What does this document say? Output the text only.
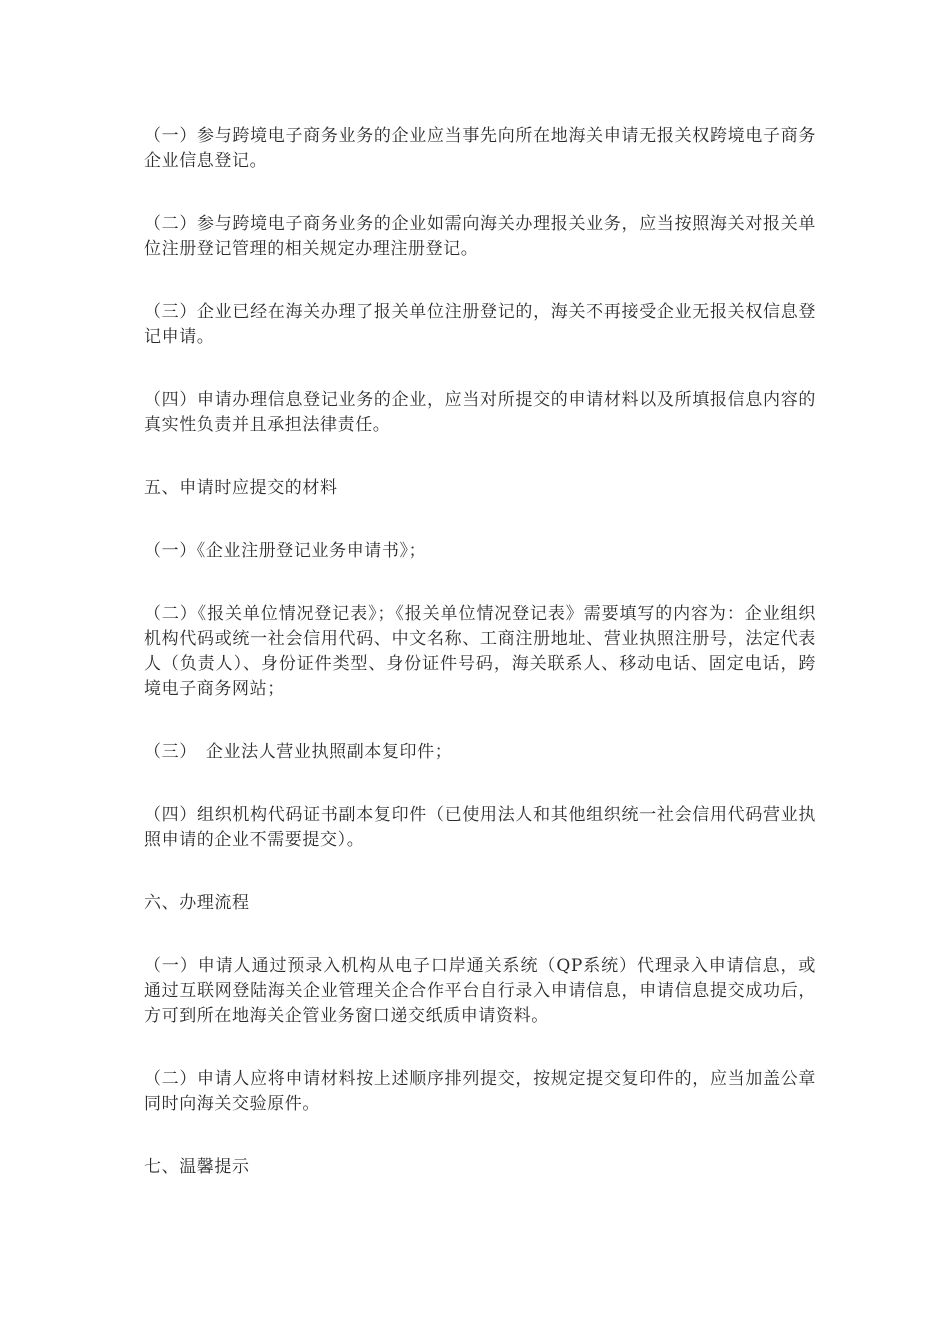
（一）参与跨境电子商务业务的企业应当事先向所在地海关申请无报关权跨境电子商务企业信息登记。

（二）参与跨境电子商务业务的企业如需向海关办理报关业务，应当按照海关对报关单位注册登记管理的相关规定办理注册登记。

（三）企业已经在海关办理了报关单位注册登记的，海关不再接受企业无报关权信息登记申请。

（四）申请办理信息登记业务的企业，应当对所提交的申请材料以及所填报信息内容的真实性负责并且承担法律责任。

五、申请时应提交的材料

（一）《企业注册登记业务申请书》；

（二）《报关单位情况登记表》；《报关单位情况登记表》需要填写的内容为：企业组织机构代码或统一社会信用代码、中文名称、工商注册地址、营业执照注册号，法定代表人（负责人）、身份证件类型、身份证件号码，海关联系人、移动电话、固定电话，跨境电子商务网站；

（三）　企业法人营业执照副本复印件；

（四）组织机构代码证书副本复印件（已使用法人和其他组织统一社会信用代码营业执照申请的企业不需要提交）。

六、办理流程

（一）申请人通过预录入机构从电子口岸通关系统（QP系统）代理录入申请信息，或通过互联网登陆海关企业管理关企合作平台自行录入申请信息，申请信息提交成功后，方可到所在地海关企管业务窗口递交纸质申请资料。

（二）申请人应将申请材料按上述顺序排列提交，按规定提交复印件的，应当加盖公章同时向海关交验原件。

七、温馨提示
